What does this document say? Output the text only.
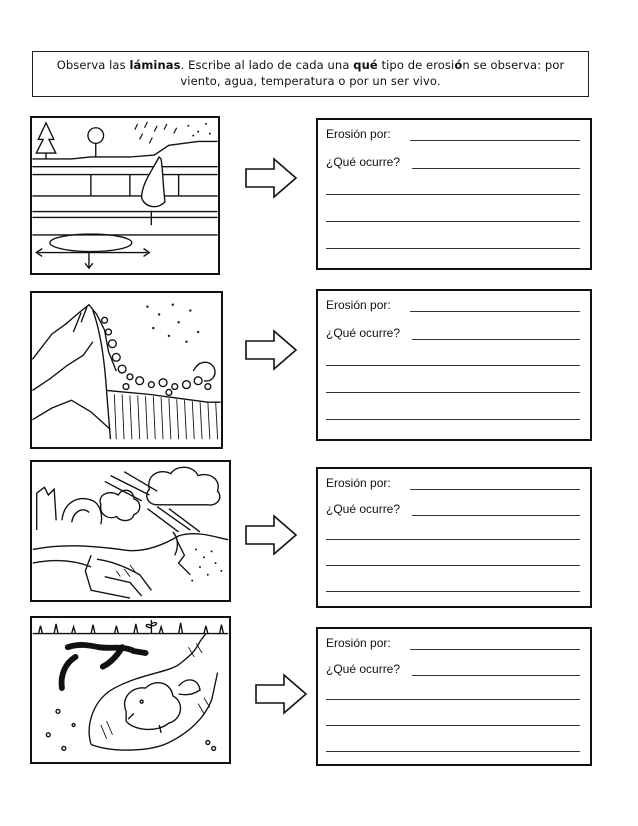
Observa las láminas. Escribe al lado de cada una qué tipo de erosión se observa: por
viento, agua, temperatura o por un ser vivo.
Erosión por:
¿Qué ocurre?
Erosión por:
¿Qué ocurre?
Erosión por:
¿Qué ocurre?
Erosión por:
¿Qué ocurre?
